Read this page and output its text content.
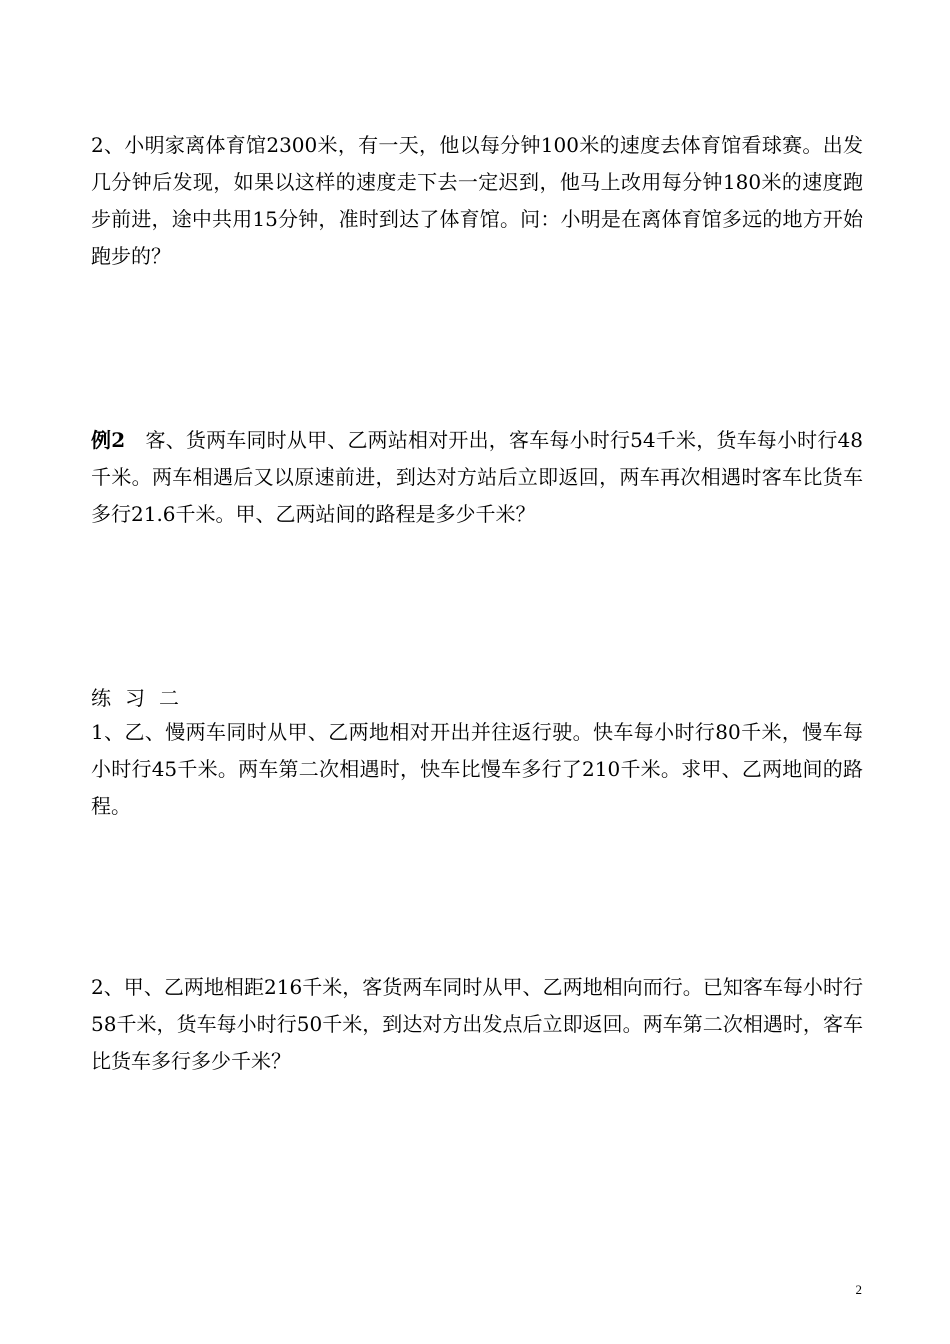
2、小明家离体育馆2300米，有一天，他以每分钟100米的速度去体育馆看球赛。出发几分钟后发现，如果以这样的速度走下去一定迟到，他马上改用每分钟180米的速度跑步前进，途中共用15分钟，准时到达了体育馆。问：小明是在离体育馆多远的地方开始跑步的？

例2　客、货两车同时从甲、乙两站相对开出，客车每小时行54千米，货车每小时行48千米。两车相遇后又以原速前进，到达对方站后立即返回，两车再次相遇时客车比货车多行21.6千米。甲、乙两站间的路程是多少千米？

练习二

1、乙、慢两车同时从甲、乙两地相对开出并往返行驶。快车每小时行80千米，慢车每小时行45千米。两车第二次相遇时，快车比慢车多行了210千米。求甲、乙两地间的路程。

2、甲、乙两地相距216千米，客货两车同时从甲、乙两地相向而行。已知客车每小时行58千米，货车每小时行50千米，到达对方出发点后立即返回。两车第二次相遇时，客车比货车多行多少千米？

2
